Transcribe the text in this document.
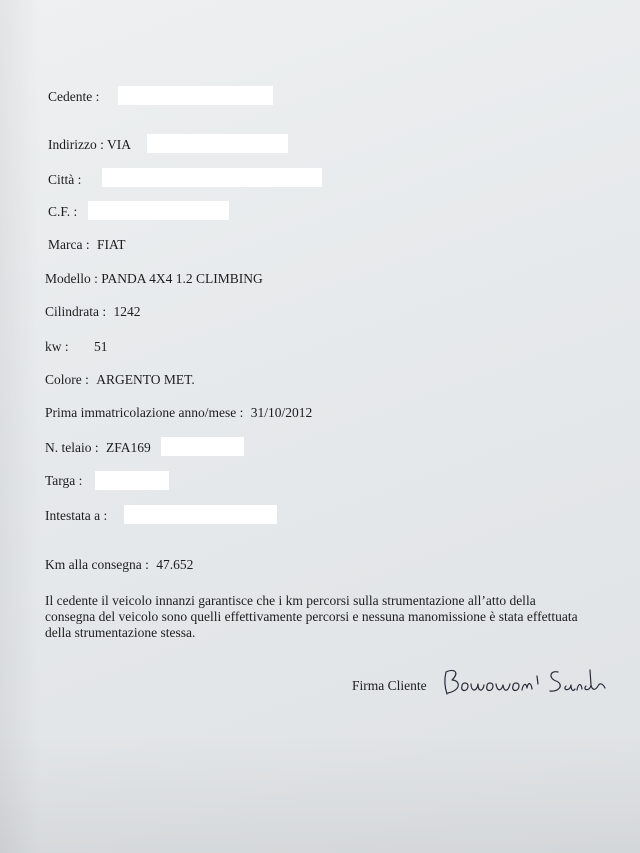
Cedente :
Indirizzo : VIA
Città :
C.F. :
Marca : FIAT
Modello : PANDA 4X4 1.2 CLIMBING
Cilindrata : 1242
kw : 51
Colore : ARGENTO MET.
Prima immatricolazione anno/mese : 31/10/2012
N. telaio : ZFA169
Targa :
Intestata a :
Km alla consegna : 47.652
Il cedente il veicolo innanzi garantisce che i km percorsi sulla strumentazione all’atto della
consegna del veicolo sono quelli effettivamente percorsi e nessuna manomissione è stata effettuata
della strumentazione stessa.
Firma Cliente
